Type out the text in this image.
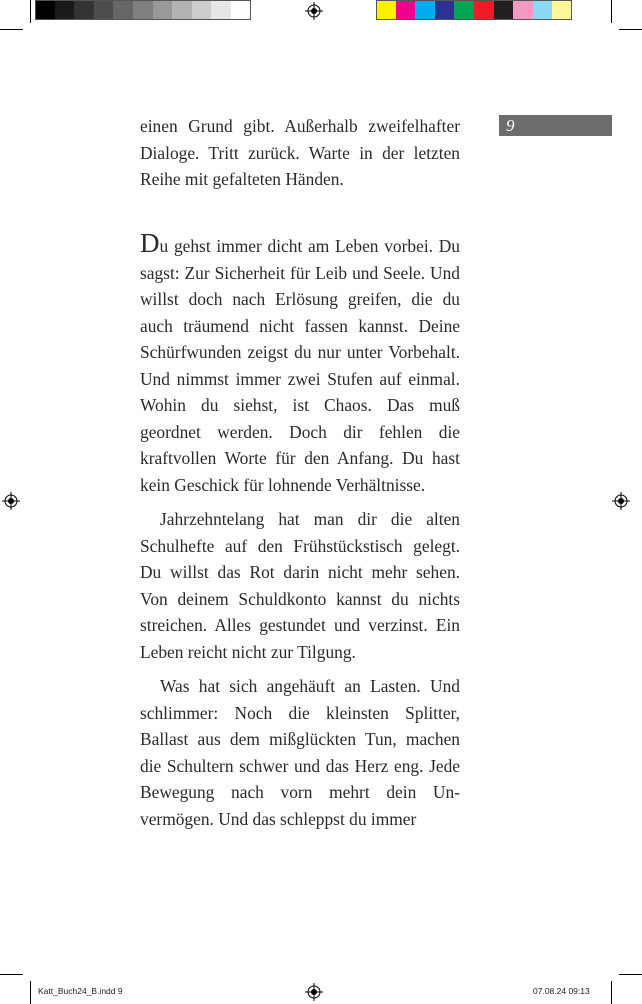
9

einen Grund gibt. Außerhalb zweifelhafter Dialoge. Tritt zurück. Warte in der letzten Reihe mit gefalteten Händen.

Du gehst immer dicht am Leben vorbei. Du sagst: Zur Sicherheit für Leib und Seele. Und willst doch nach Erlösung greifen, die du auch träumend nicht fassen kannst. Deine Schürfwunden zeigst du nur unter Vorbehalt. Und nimmst immer zwei Stufen auf einmal. Wohin du siehst, ist Chaos. Das muß geordnet werden. Doch dir fehlen die kraftvollen Worte für den Anfang. Du hast kein Geschick für lohnende Verhältnisse.

Jahrzehntelang hat man dir die alten Schulhefte auf den Frühstückstisch gelegt. Du willst das Rot darin nicht mehr sehen. Von deinem Schuldkonto kannst du nichts streichen. Alles gestundet und verzinst. Ein Leben reicht nicht zur Tilgung.

Was hat sich angehäuft an Lasten. Und schlimmer: Noch die kleinsten Splitter, Ballast aus dem mißglückten Tun, machen die Schultern schwer und das Herz eng. Jede Bewegung nach vorn mehrt dein Unvermögen. Und das schleppst du immer

Katt_Buch24_B.indd 9	07.08.24 09:13
